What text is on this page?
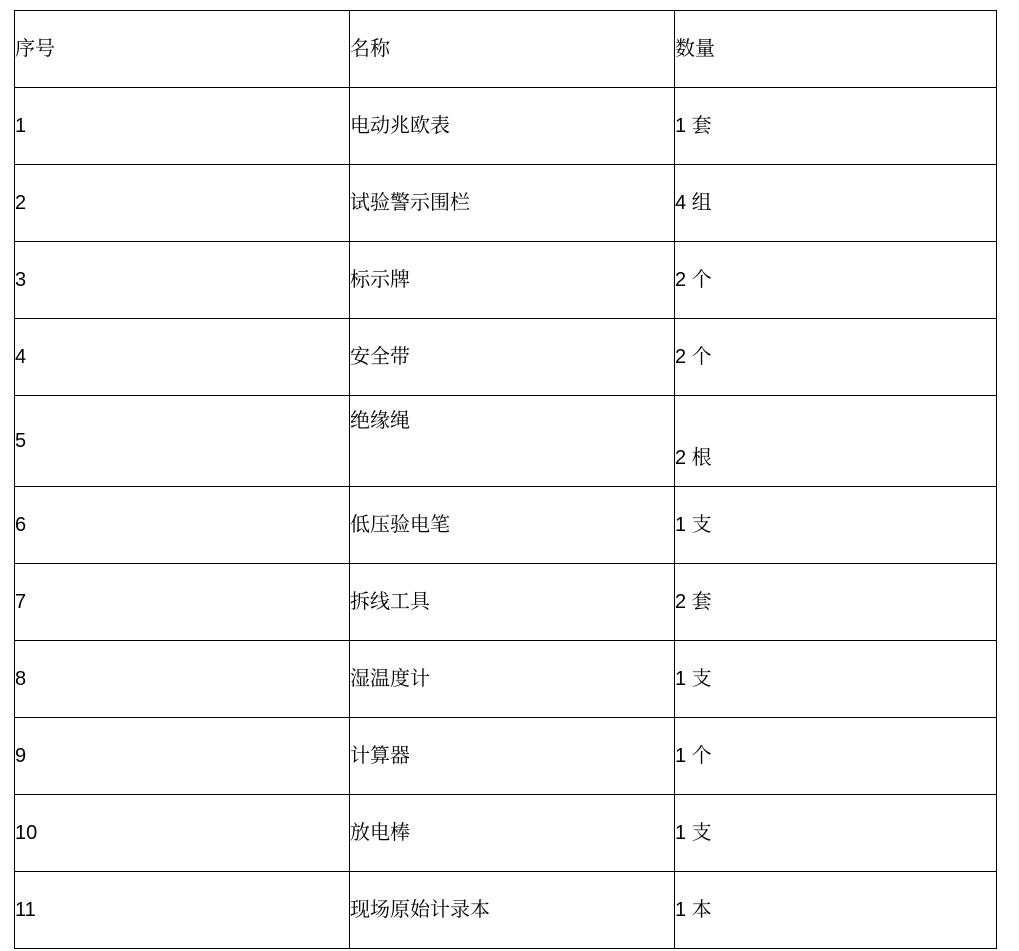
序号	名称	数量
1	电动兆欧表	1 套
2	试验警示围栏	4 组
3	标示牌	2 个
4	安全带	2 个
5	绝缘绳	2 根
6	低压验电笔	1 支
7	拆线工具	2 套
8	湿温度计	1 支
9	计算器	1 个
10	放电棒	1 支
11	现场原始计录本	1 本
